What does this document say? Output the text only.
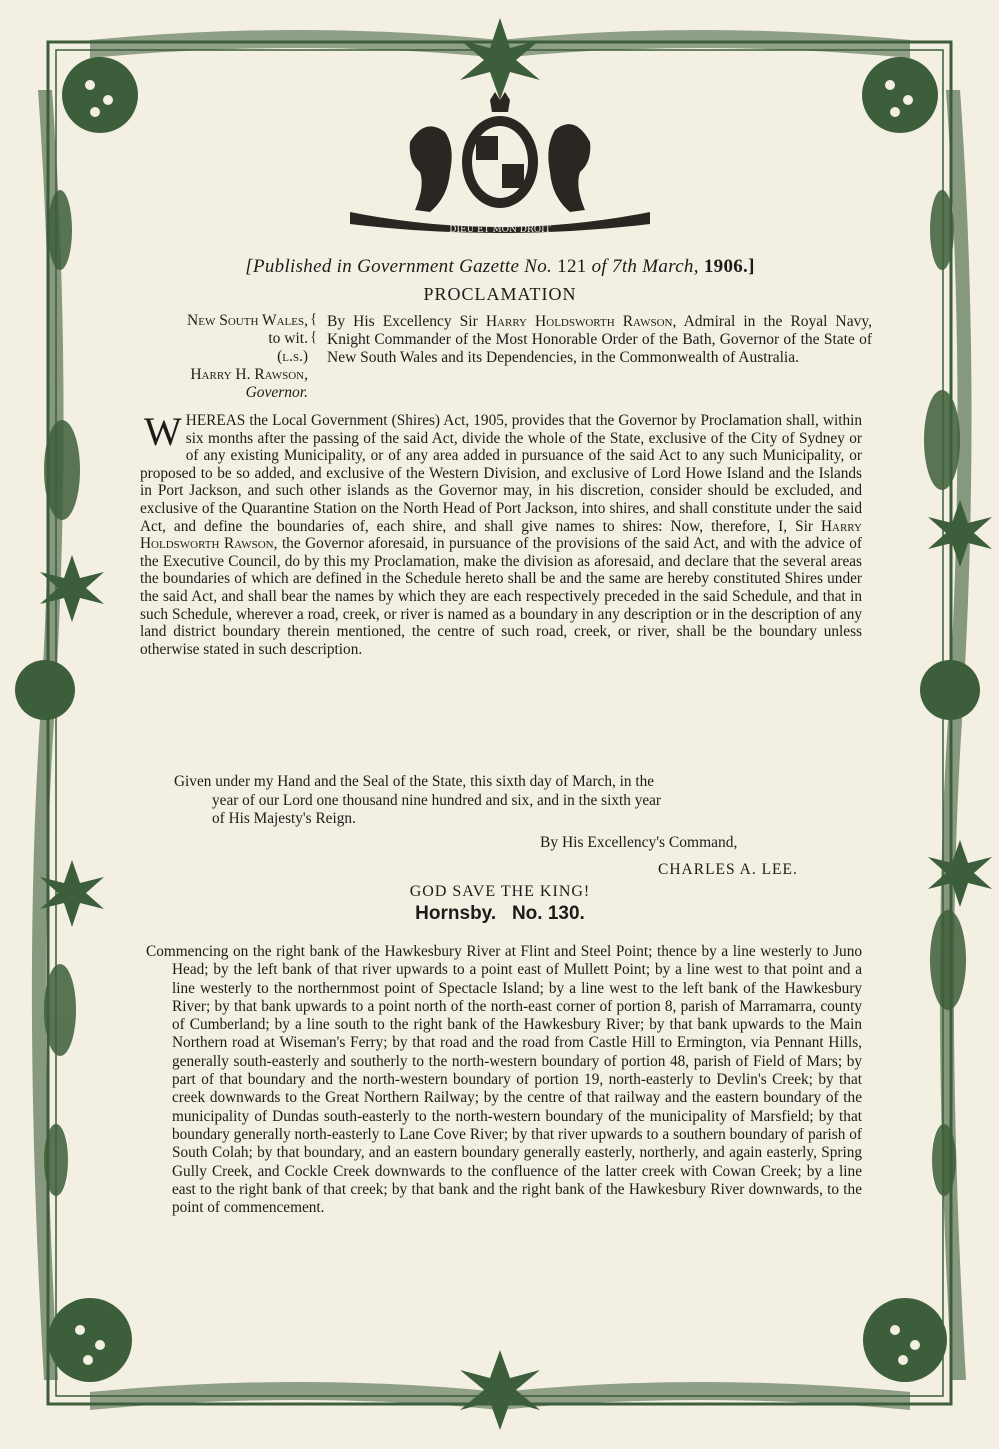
DIEU ET MON DROIT
[Published in Government Gazette No. 121 of 7th March, 1906.]
PROCLAMATION
New South Wales,
to wit.
(l.s.)
Harry H. Rawson,
Governor.
{
{
By His Excellency Sir Harry Holdsworth Rawson, Admiral in the Royal Navy, Knight Commander of the Most Honorable Order of the Bath, Governor of the State of New South Wales and its Dependencies, in the Commonwealth of Australia.
W HEREAS the Local Government (Shires) Act, 1905, provides that the Governor by Proclamation shall, within six months after the passing of the said Act, divide the whole of the State, exclusive of the City of Sydney or of any existing Municipality, or of any area added in pursuance of the said Act to any such Municipality, or proposed to be so added, and exclusive of the Western Division, and exclusive of Lord Howe Island and the Islands in Port Jackson, and such other islands as the Governor may, in his discretion, consider should be excluded, and exclusive of the Quarantine Station on the North Head of Port Jackson, into shires, and shall constitute under the said Act, and define the boundaries of, each shire, and shall give names to shires: Now, therefore, I, Sir Harry Holdsworth Rawson, the Governor aforesaid, in pursuance of the provisions of the said Act, and with the advice of the Executive Council, do by this my Proclamation, make the division as aforesaid, and declare that the several areas the boundaries of which are defined in the Schedule hereto shall be and the same are hereby constituted Shires under the said Act, and shall bear the names by which they are each respectively preceded in the said Schedule, and that in such Schedule, wherever a road, creek, or river is named as a boundary in any description or in the description of any land district boundary therein mentioned, the centre of such road, creek, or river, shall be the boundary unless otherwise stated in such description.
Given under my Hand and the Seal of the State, this sixth day of March, in the
year of our Lord one thousand nine hundred and six, and in the sixth year
of His Majesty's Reign.
By His Excellency's Command,
CHARLES A. LEE.
GOD SAVE THE KING!
Hornsby.   No. 130.
Commencing on the right bank of the Hawkesbury River at Flint and Steel Point; thence by a line westerly to Juno Head; by the left bank of that river upwards to a point east of Mullett Point; by a line west to that point and a line westerly to the northernmost point of Spectacle Island; by a line west to the left bank of the Hawkesbury River; by that bank upwards to a point north of the north-east corner of portion 8, parish of Marramarra, county of Cumberland; by a line south to the right bank of the Hawkesbury River; by that bank upwards to the Main Northern road at Wiseman's Ferry; by that road and the road from Castle Hill to Ermington, via Pennant Hills, generally south-easterly and southerly to the north-western boundary of portion 48, parish of Field of Mars; by part of that boundary and the north-western boundary of portion 19, north-easterly to Devlin's Creek; by that creek downwards to the Great Northern Railway; by the centre of that railway and the eastern boundary of the municipality of Dundas south-easterly to the north-western boundary of the municipality of Marsfield; by that boundary generally north-easterly to Lane Cove River; by that river upwards to a southern boundary of parish of South Colah; by that boundary, and an eastern boundary generally easterly, northerly, and again easterly, Spring Gully Creek, and Cockle Creek downwards to the confluence of the latter creek with Cowan Creek; by a line east to the right bank of that creek; by that bank and the right bank of the Hawkesbury River downwards, to the point of commencement.
